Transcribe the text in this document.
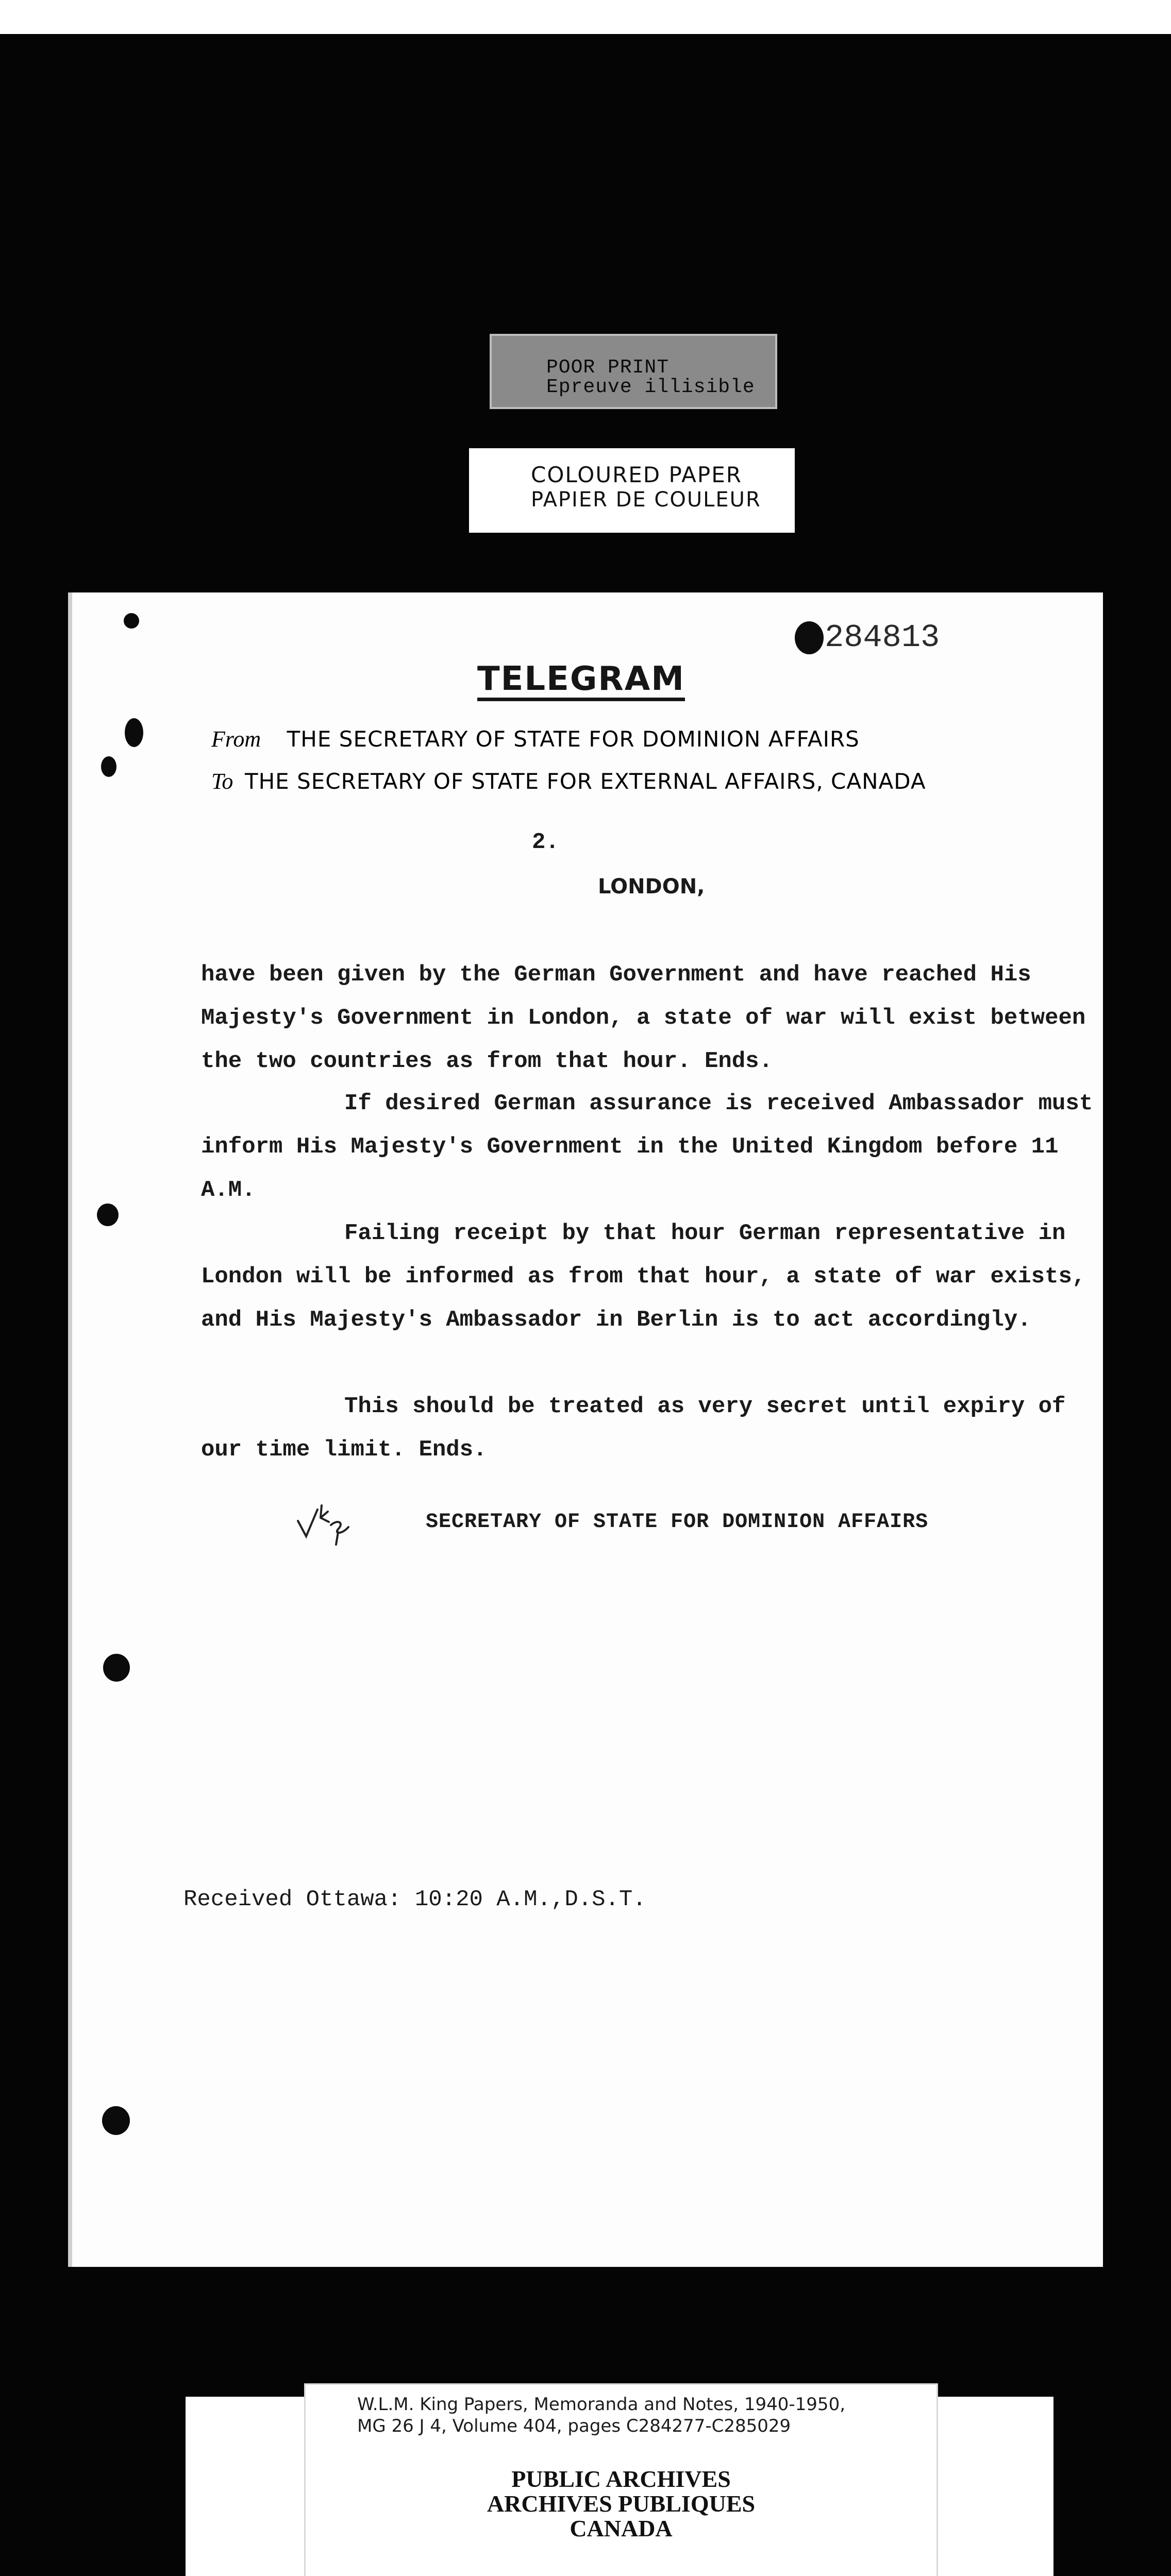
POOR PRINT
Epreuve illisible
COLOURED PAPER
PAPIER DE COULEUR
284813
TELEGRAM
From THE SECRETARY OF STATE FOR DOMINION AFFAIRS
To THE SECRETARY OF STATE FOR EXTERNAL AFFAIRS, CANADA
2.
LONDON,

have been given by the German Government and have reached His Majesty's Government in London, a state of war will exist between the two countries as from that hour. Ends.

If desired German assurance is received Ambassador must inform His Majesty's Government in the United Kingdom before 11 A.M.

Failing receipt by that hour German representative in London will be informed as from that hour, a state of war exists, and His Majesty's Ambassador in Berlin is to act accordingly.

This should be treated as very secret until expiry of our time limit. Ends.

SECRETARY OF STATE FOR DOMINION AFFAIRS
Received Ottawa: 10:20 A.M.,D.S.T.
W.L.M. King Papers, Memoranda and Notes, 1940-1950,
MG 26 J 4, Volume 404, pages C284277-C285029
PUBLIC ARCHIVES
ARCHIVES PUBLIQUES
CANADA
